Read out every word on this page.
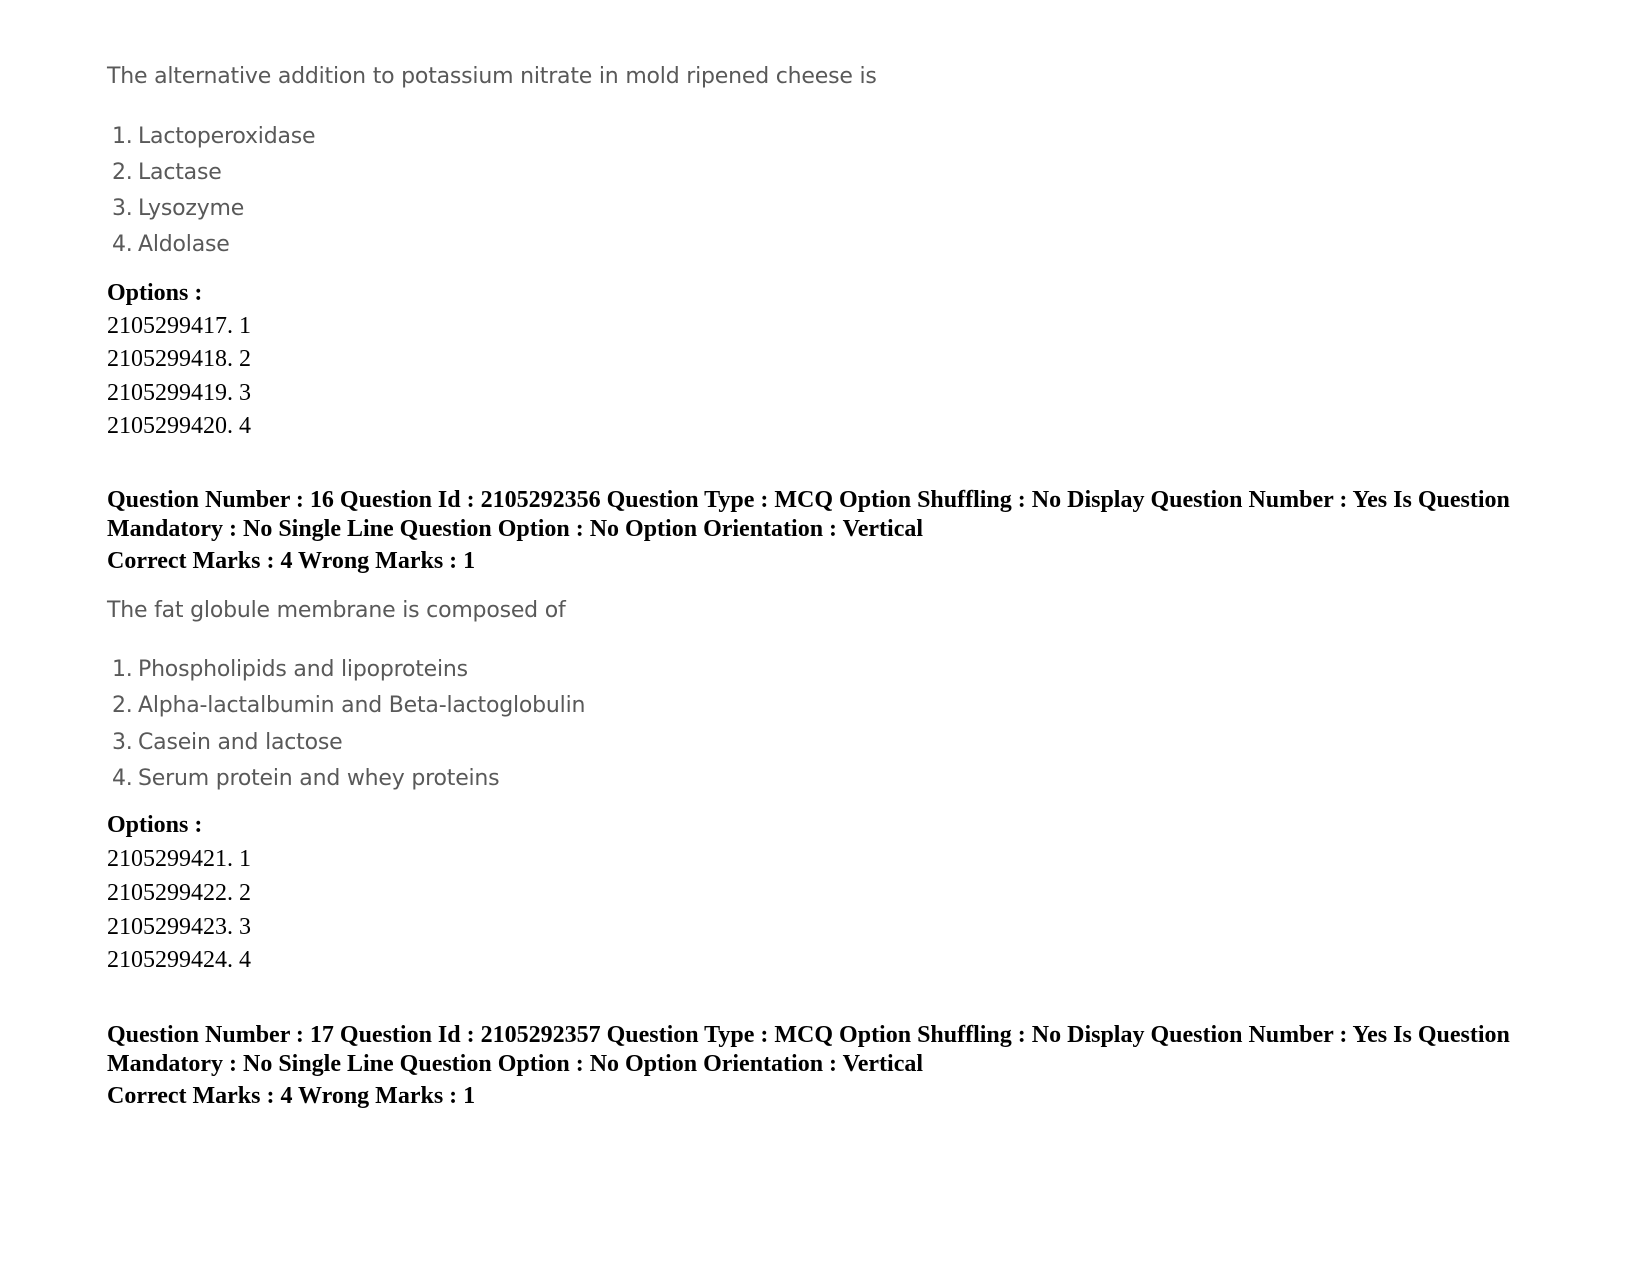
The alternative addition to potassium nitrate in mold ripened cheese is
1. Lactoperoxidase
2. Lactase
3. Lysozyme
4. Aldolase
Options :
2105299417. 1
2105299418. 2
2105299419. 3
2105299420. 4
Question Number : 16 Question Id : 2105292356 Question Type : MCQ Option Shuffling : No Display Question Number : Yes Is Question Mandatory : No Single Line Question Option : No Option Orientation : Vertical
Correct Marks : 4 Wrong Marks : 1
The fat globule membrane is composed of
1. Phospholipids and lipoproteins
2. Alpha-lactalbumin and Beta-lactoglobulin
3. Casein and lactose
4. Serum protein and whey proteins
Options :
2105299421. 1
2105299422. 2
2105299423. 3
2105299424. 4
Question Number : 17 Question Id : 2105292357 Question Type : MCQ Option Shuffling : No Display Question Number : Yes Is Question Mandatory : No Single Line Question Option : No Option Orientation : Vertical
Correct Marks : 4 Wrong Marks : 1
